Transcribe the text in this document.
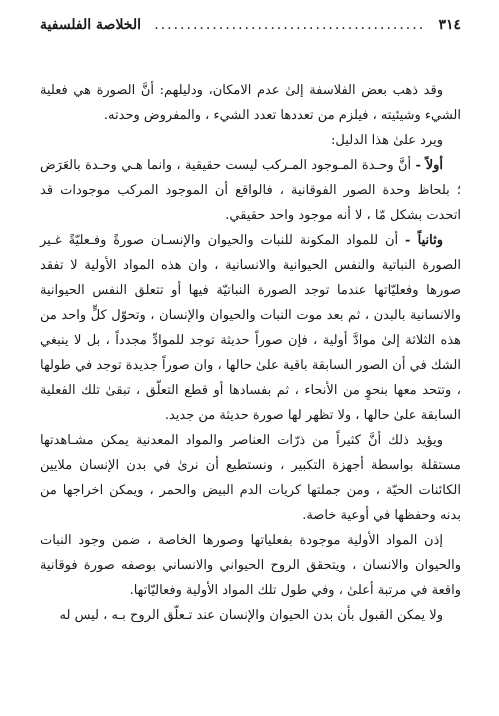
٣١٤
..........................................
الخلاصة الفلسفية

وقد ذهب بعض الفلاسفة إلىٰ عدم الامكان، ودليلهم: أنَّ الصورة هي فعلية الشيء وشيئيته ، فيلزم من تعددها تعدد الشيء ، والمفروض وحدته.

ويرد علىٰ هذا الدليل:

أولاً - أنَّ وحـدة المـوجود المـركب ليست حقيقية ، وانما هـي وحـدة بالعَرَض ؛ بلحاظ وحدة الصور الفوقانية ، فالواقع أن الموجود المركب موجودات قد اتحدت بشكل مّا ، لا أنه موجود واحد حقيقي.

وثانياً - أن للمواد المكونة للنبات والحيوان والإنسـان صورةً وفـعليّةً غـير الصورة النباتية والنفس الحيوانية والانسانية ، وان هذه المواد الأولية لا تفقد صورها وفعليّاتها عندما توجد الصورة النباتيّة فيها أو تتعلق النفس الحيوانية والانسانية بالبدن ، ثم بعد موت النبات والحيوان والإنسان ، وتحوّل كلٍّ واحد من هذه الثلاثة إلىٰ موادَّ أولية ، فإن صوراً حديثة توجد للموادِّ مجدداً ، بل لا ينبغي الشك في أن الصور السابقة باقية علىٰ حالها ، وان صوراً جديدة توجد في طولها ، وتتحد معها بنحوٍ من الأنحاء ، ثم بفسادها أو قطع التعلّق ، تبقىٰ تلك الفعلية السابقة علىٰ حالها ، ولا تظهر لها صورة حديثة من جديد.

ويؤيد ذلك أنَّ كثيراً من ذرّات العناصر والمواد المعدنية يمكن مشـاهدتها مستقلة بواسطة أجهزة التكبير ، ونستطيع أن نرىٰ في بدن الإنسان ملايين الكائنات الحيّة ، ومن جملتها كريات الدم البيض والحمر ، ويمكن اخراجها من بدنه وحفظها في أوعية خاصة.

إذن المواد الأولية موجودة بفعلياتها وصورها الخاصة ، ضمن وجود النبات والحيوان والانسان ، ويتحقق الروح الحيواني والانساني بوصفه صورة فوقانية واقعة في مرتبة أعلىٰ ، وفي طول تلك المواد الأولية وفعاليّاتها.

ولا يمكن القبول بأن بدن الحيوان والإنسان عند تـعلّق الروح بـه ، ليس له
